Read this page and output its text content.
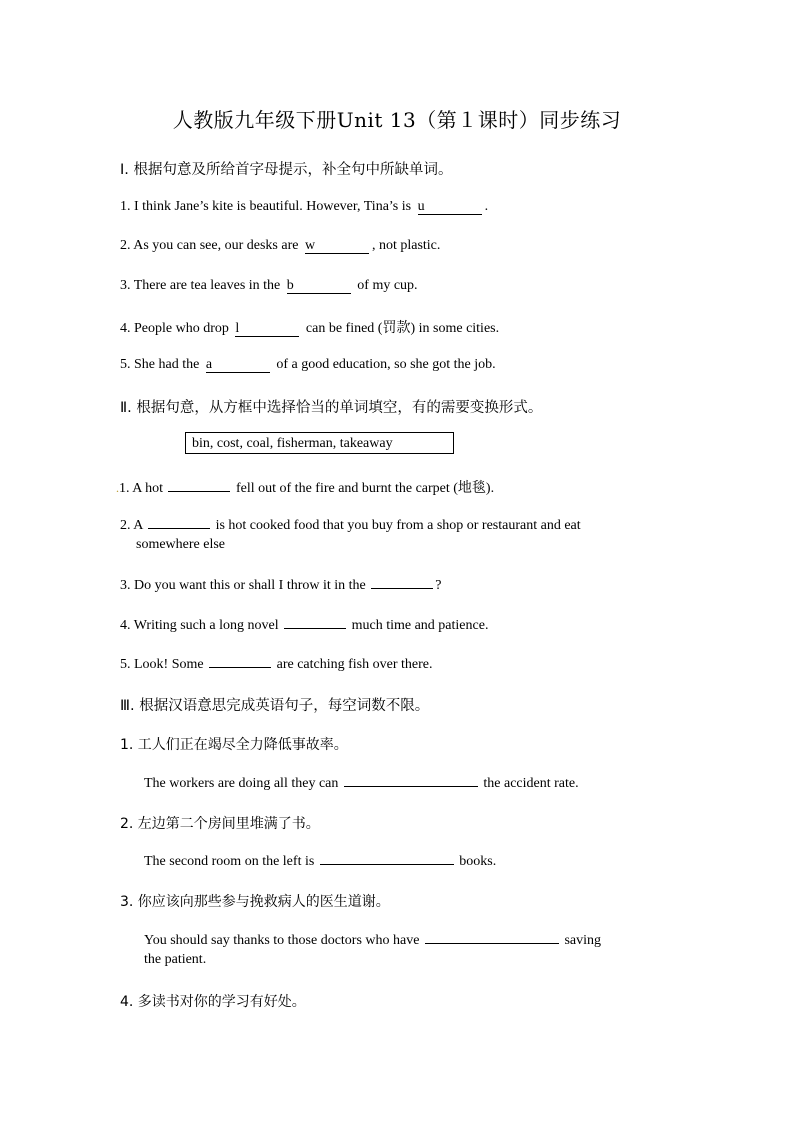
人教版九年级下册Unit 13（第１课时）同步练习
Ⅰ. 根据句意及所给首字母提示，补全句中所缺单词。
1. I think Jane’s kite is beautiful. However, Tina’s is u	.
2. As you can see, our desks are w	, not plastic.
3. There are tea leaves in the b	of my cup.
4. People who drop l	can be fined (罚款) in some cities.
5. She had the a	of a good education, so she got the job.
Ⅱ. 根据句意，从方框中选择恰当的单词填空，有的需要变换形式。
bin, cost, coal, fisherman, takeaway
.1. A hot	fell out of the fire and burnt the carpet (地毯).
2. A	is hot cooked food that you buy from a shop or restaurant and eat
somewhere else
3. Do you want this or shall I throw it in the	?
4. Writing such a long novel	much time and patience.
5. Look! Some	are catching fish over there.
Ⅲ. 根据汉语意思完成英语句子，每空词数不限。
1. 工人们正在竭尽全力降低事故率。
The workers are doing all they can	the accident rate.
2. 左边第二个房间里堆满了书。
The second room on the left is	books.
3. 你应该向那些参与挽救病人的医生道谢。
You should say thanks to those doctors who have	saving
the patient.
4. 多读书对你的学习有好处。
